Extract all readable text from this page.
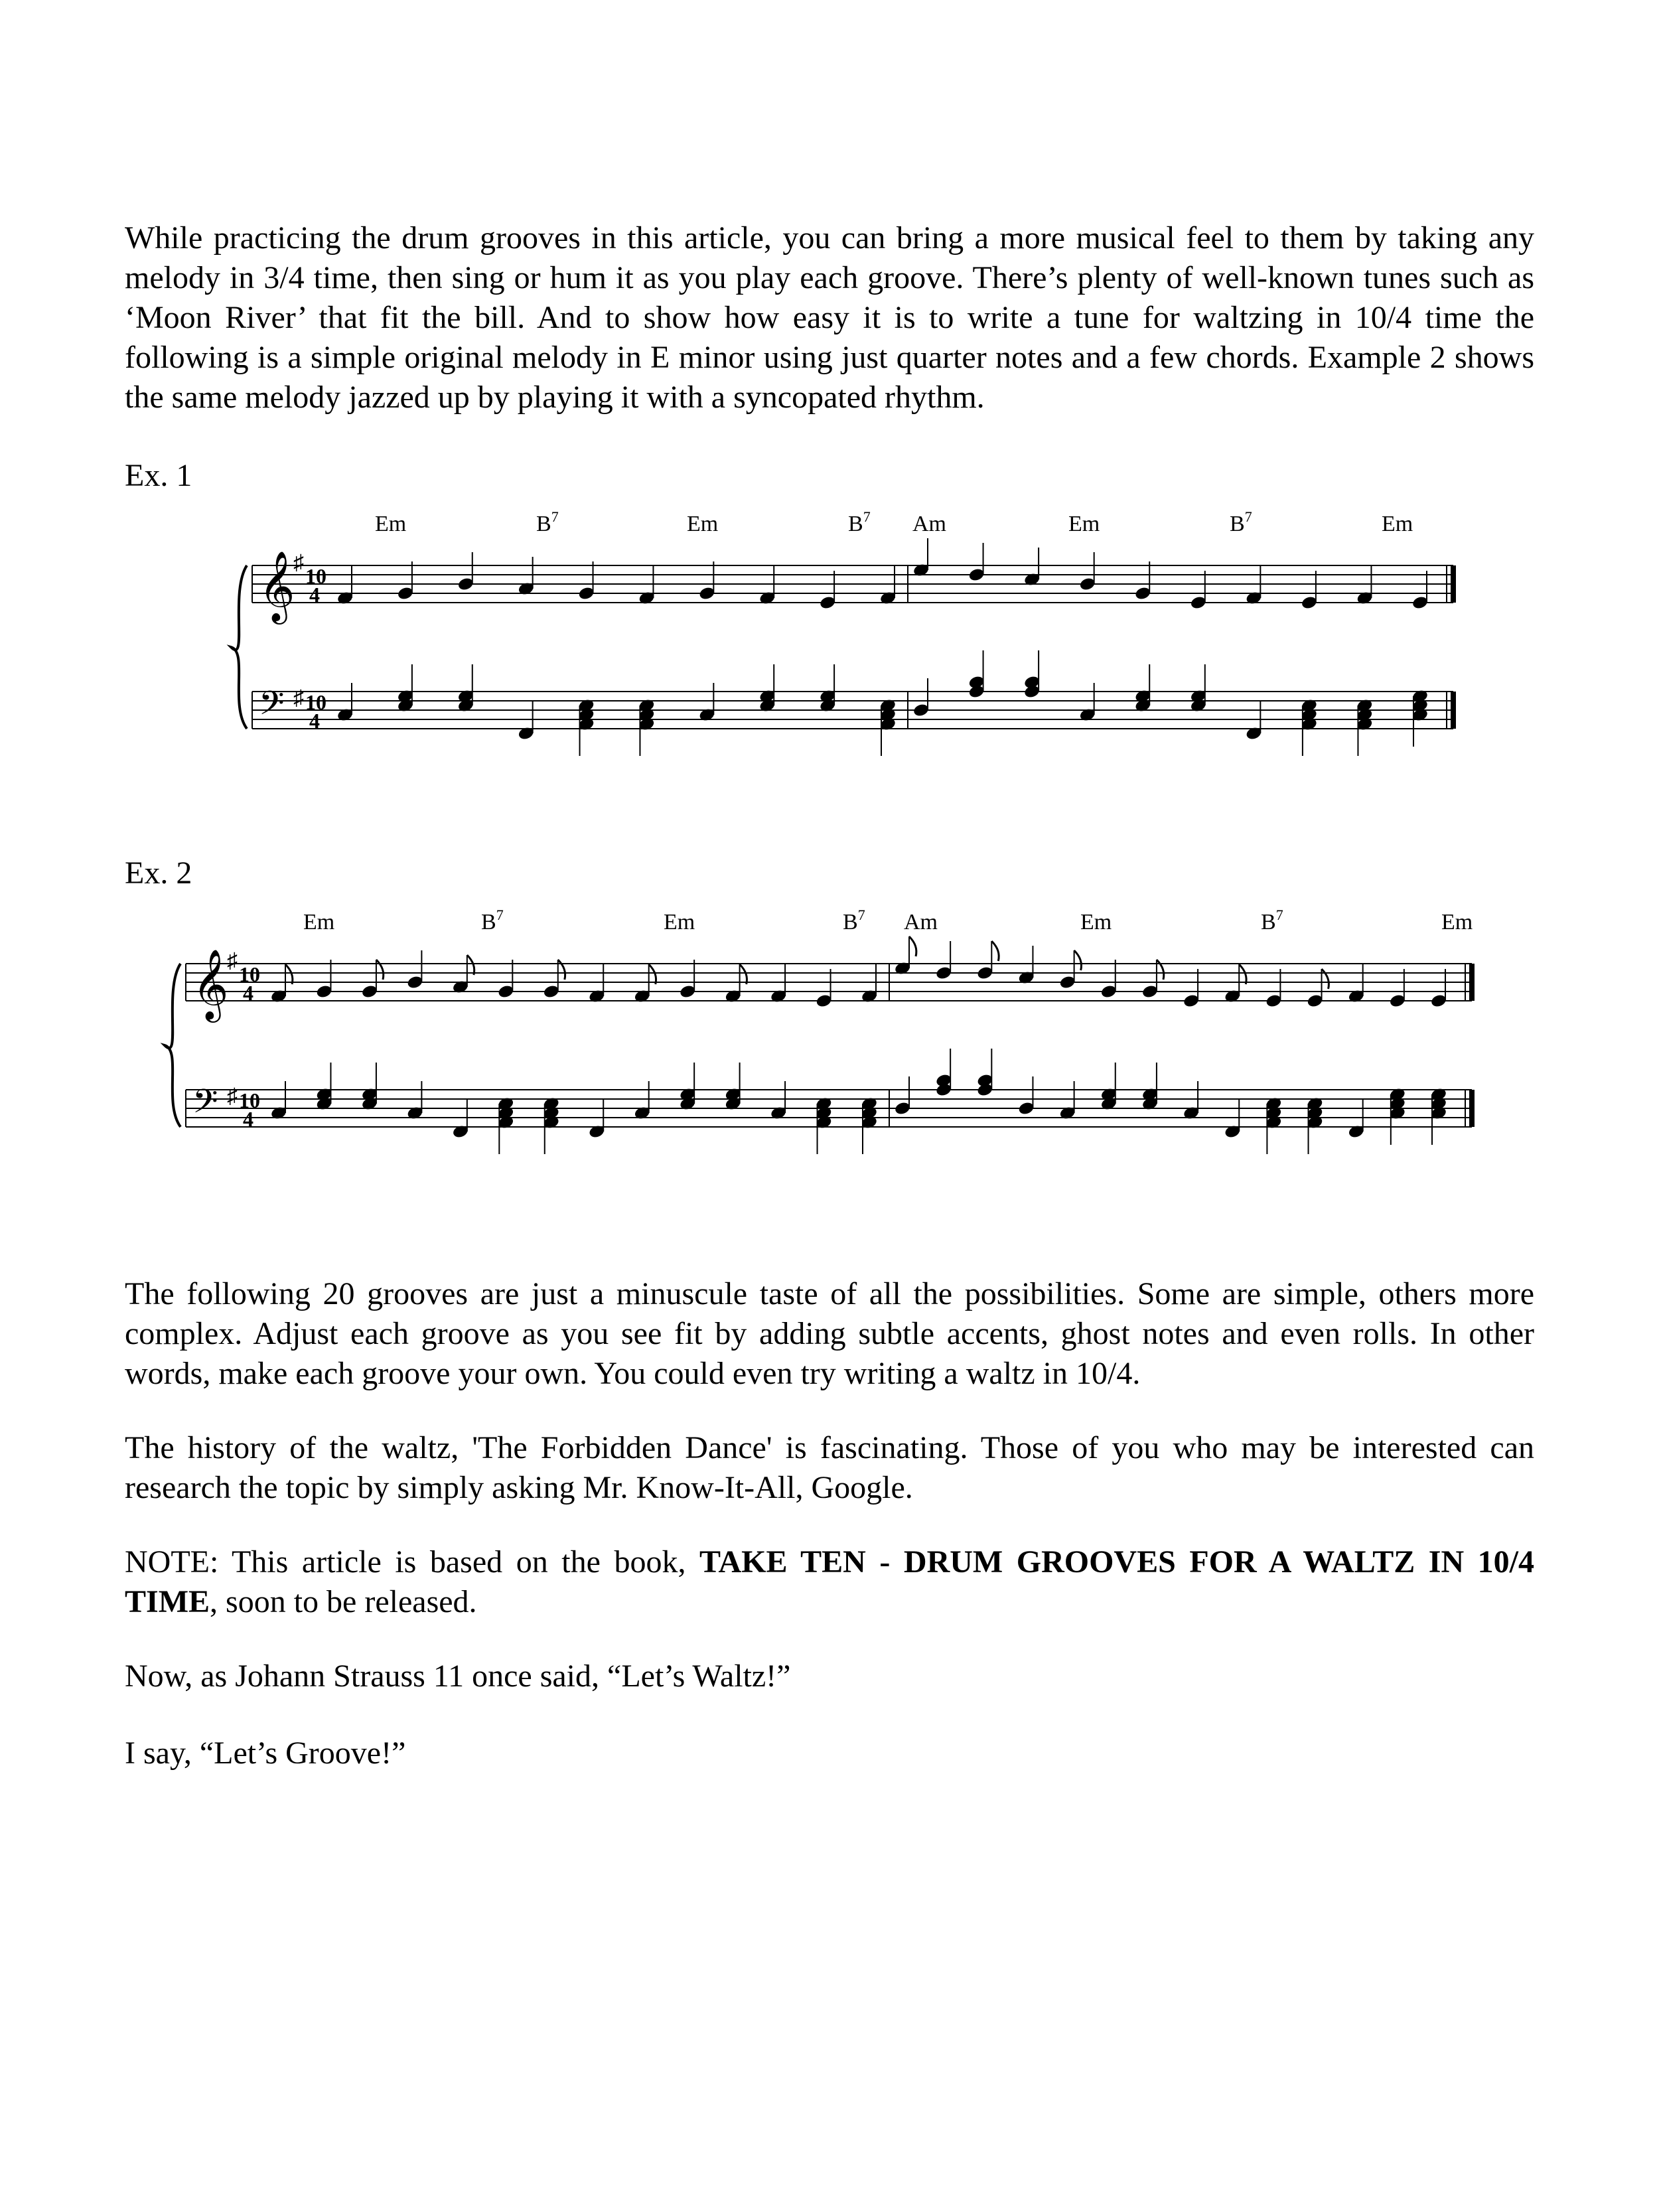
While practicing the drum grooves in this article, you can bring a more musical feel to them by taking any melody in 3/4 time, then sing or hum it as you play each groove. There’s plenty of well-known tunes such as ‘Moon River’ that fit the bill. And to show how easy it is to write a tune for waltzing in 10/4 time the following is a simple original melody in E minor using just quarter notes and a few chords. Example 2 shows the same melody jazzed up by playing it with a syncopated rhythm.

Ex. 1

Em	$B^7$	Em	$B^7$ Am	Em	$B^7$	Em
𝄞
♯
10
4
𝄢 ♯ 10
4

Ex. 2

Em	$B^7$	Em	$B^7$ Am	Em	$B^7$	Em
𝄞
♯
10
4
𝄢 ♯ 10
4

The following 20 grooves are just a minuscule taste of all the possibilities. Some are simple, others more complex. Adjust each groove as you see fit by adding subtle accents, ghost notes and even rolls. In other words, make each groove your own. You could even try writing a waltz in 10/4.

The history of the waltz, 'The Forbidden Dance' is fascinating. Those of you who may be interested can research the topic by simply asking Mr. Know-It-All, Google.

NOTE: This article is based on the book, TAKE TEN - DRUM GROOVES FOR A WALTZ IN 10/4 TIME, soon to be released.

Now, as Johann Strauss 11 once said, “Let’s Waltz!”

I say, “Let’s Groove!”
